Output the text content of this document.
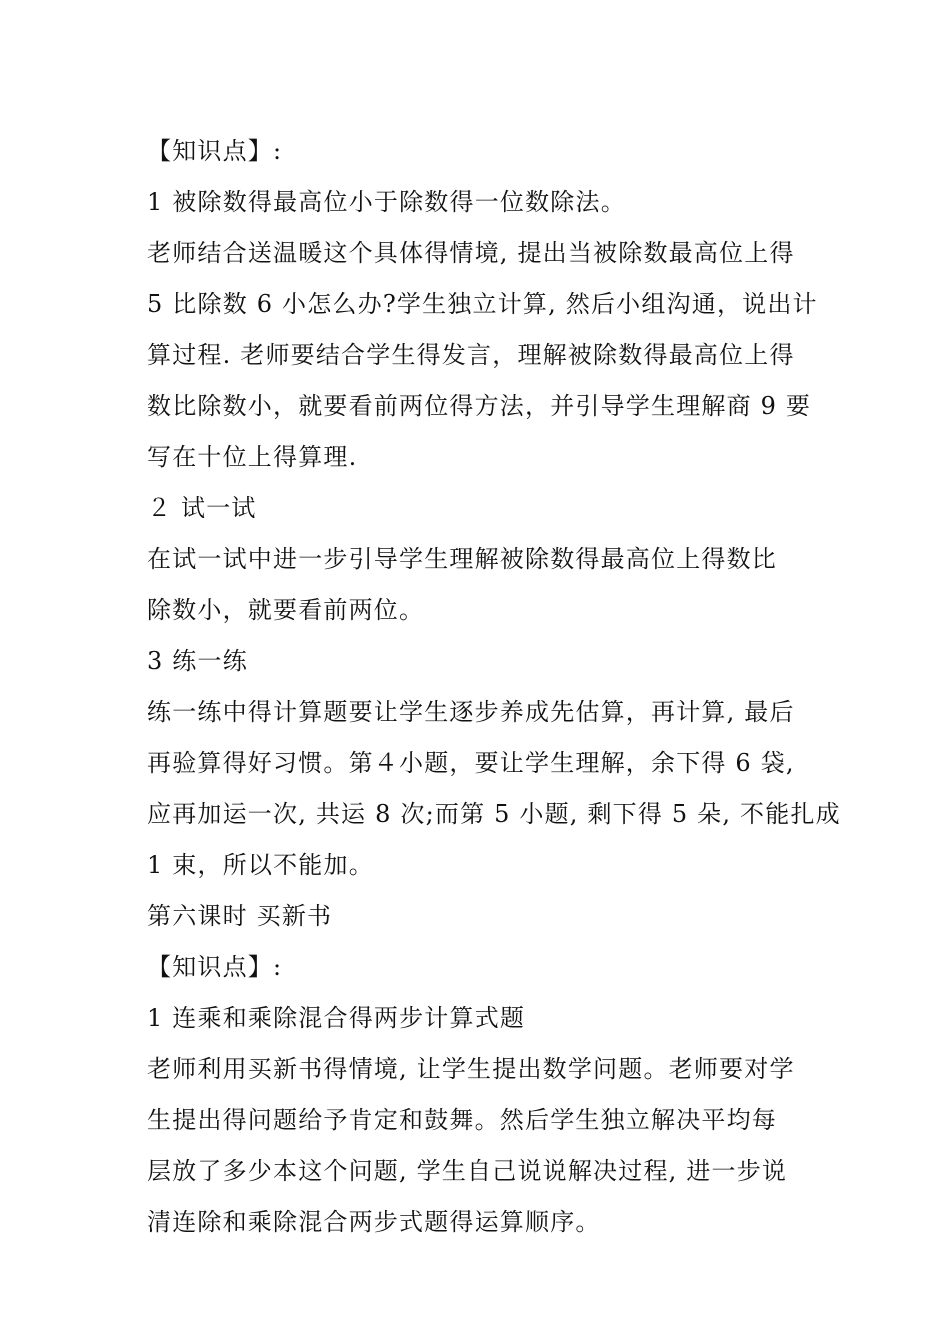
【知识点】:
1 被除数得最高位小于除数得一位数除法。
老师结合送温暖这个具体得情境, 提出当被除数最高位上得
5 比除数 6 小怎么办?学生独立计算, 然后小组沟通，说出计
算过程. 老师要结合学生得发言，理解被除数得最高位上得
数比除数小，就要看前两位得方法，并引导学生理解商 9 要
写在十位上得算理.
２ 试一试
在试一试中进一步引导学生理解被除数得最高位上得数比
除数小，就要看前两位。
3 练一练
练一练中得计算题要让学生逐步养成先估算，再计算, 最后
再验算得好习惯。第４小题，要让学生理解，余下得 6 袋,
应再加运一次, 共运 8 次;而第 5 小题, 剩下得 5 朵, 不能扎成
1 束，所以不能加。
第六课时 买新书
【知识点】:
1 连乘和乘除混合得两步计算式题
老师利用买新书得情境, 让学生提出数学问题。老师要对学
生提出得问题给予肯定和鼓舞。然后学生独立解决平均每
层放了多少本这个问题, 学生自己说说解决过程, 进一步说
清连除和乘除混合两步式题得运算顺序。
